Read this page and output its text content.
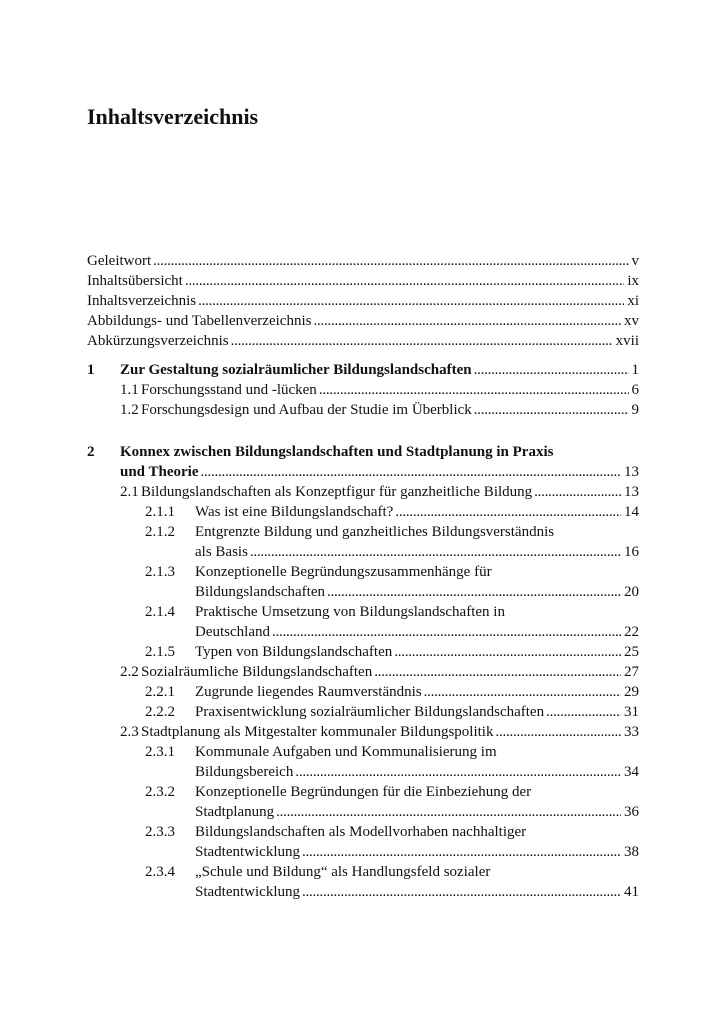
Inhaltsverzeichnis
Geleitwort . . .	v
Inhaltsübersicht . . .	ix
Inhaltsverzeichnis . . .	xi
Abbildungs- und Tabellenverzeichnis . . .	xv
Abkürzungsverzeichnis . . .	xvii
1 Zur Gestaltung sozialräumlicher Bildungslandschaften . . .	1
1.1 Forschungsstand und -lücken . . .	6
1.2 Forschungsdesign und Aufbau der Studie im Überblick . . .	9
2 Konnex zwischen Bildungslandschaften und Stadtplanung in Praxis
und Theorie . . .	13
2.1 Bildungslandschaften als Konzeptfigur für ganzheitliche Bildung . . .	13
2.1.1 Was ist eine Bildungslandschaft? . . .	14
2.1.2 Entgrenzte Bildung und ganzheitliches Bildungsverständnis
als Basis . . .	16
2.1.3 Konzeptionelle Begründungszusammenhänge für
Bildungslandschaften . . .	20
2.1.4 Praktische Umsetzung von Bildungslandschaften in
Deutschland . . .	22
2.1.5 Typen von Bildungslandschaften . . .	25
2.2 Sozialräumliche Bildungslandschaften . . .	27
2.2.1 Zugrunde liegendes Raumverständnis . . .	29
2.2.2 Praxisentwicklung sozialräumlicher Bildungslandschaften . . .	31
2.3 Stadtplanung als Mitgestalter kommunaler Bildungspolitik . . .	33
2.3.1 Kommunale Aufgaben und Kommunalisierung im
Bildungsbereich . . .	34
2.3.2 Konzeptionelle Begründungen für die Einbeziehung der
Stadtplanung . . .	36
2.3.3 Bildungslandschaften als Modellvorhaben nachhaltiger
Stadtentwicklung . . .	38
2.3.4 „Schule und Bildung“ als Handlungsfeld sozialer
Stadtentwicklung . . .	41
